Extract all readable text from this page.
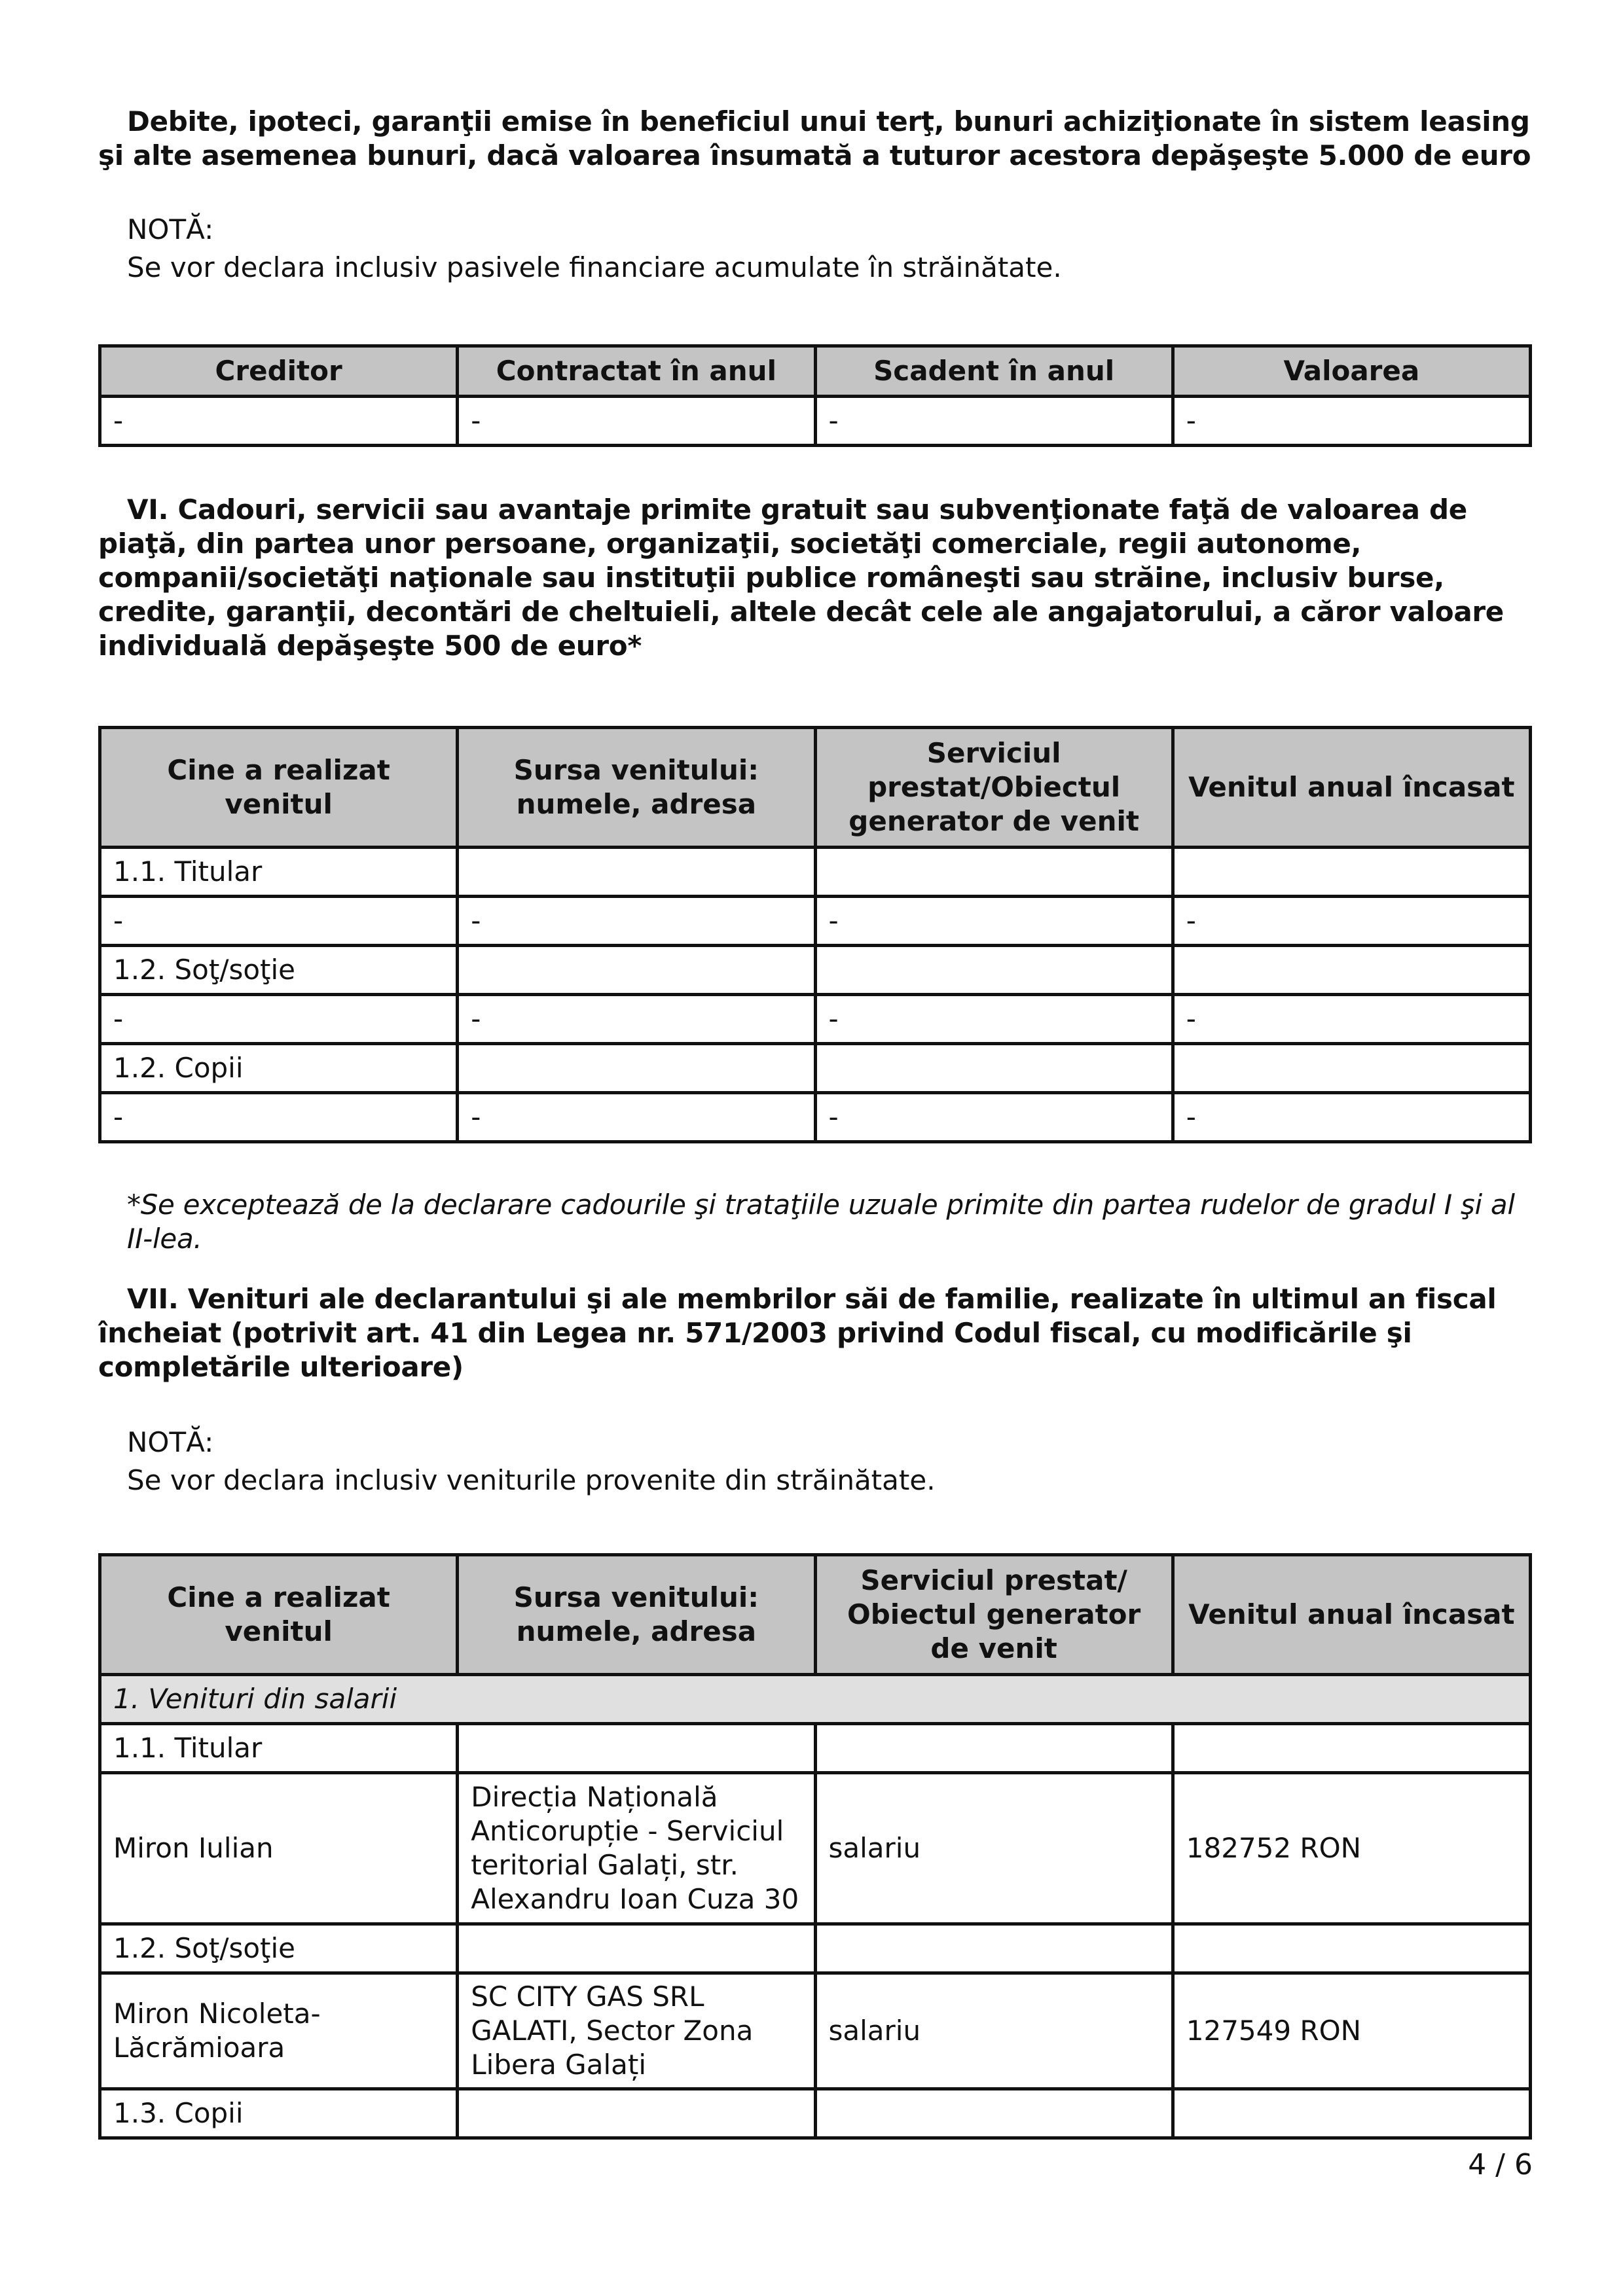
Debite, ipoteci, garanţii emise în beneficiul unui terţ, bunuri achiziţionate în sistem leasing şi alte asemenea bunuri, dacă valoarea însumată a tuturor acestora depăşeşte 5.000 de euro

NOTĂ:

Se vor declara inclusiv pasivele financiare acumulate în străinătate.

Creditor	Contractat în anul	Scadent în anul	Valoarea
-	-	-	-

VI. Cadouri, servicii sau avantaje primite gratuit sau subvenţionate faţă de valoarea de piaţă, din partea unor persoane, organizaţii, societăţi comerciale, regii autonome, companii/societăţi naţionale sau instituţii publice româneşti sau străine, inclusiv burse, credite, garanţii, decontări de cheltuieli, altele decât cele ale angajatorului, a căror valoare individuală depăşeşte 500 de euro*

Cine a realizat venitul	Sursa venitului: numele, adresa	Serviciul prestat/Obiectul generator de venit	Venitul anual încasat
1.1. Titular			
-	-	-	-
1.2. Soţ/soţie			
-	-	-	-
1.2. Copii			
-	-	-	-

*Se exceptează de la declarare cadourile şi trataţiile uzuale primite din partea rudelor de gradul I şi al II-lea.

VII. Venituri ale declarantului şi ale membrilor săi de familie, realizate în ultimul an fiscal încheiat (potrivit art. 41 din Legea nr. 571/2003 privind Codul fiscal, cu modificările şi completările ulterioare)

NOTĂ:

Se vor declara inclusiv veniturile provenite din străinătate.

Cine a realizat venitul	Sursa venitului: numele, adresa	Serviciul prestat/ Obiectul generator de venit	Venitul anual încasat
1. Venituri din salarii			
1.1. Titular			
Miron Iulian	Direcția Națională Anticorupție - Serviciul teritorial Galați, str. Alexandru Ioan Cuza 30	salariu	182752 RON
1.2. Soţ/soţie			
Miron Nicoleta-Lăcrămioara	SC CITY GAS SRL GALATI, Sector Zona Libera Galați	salariu	127549 RON
1.3. Copii			
4 / 6
